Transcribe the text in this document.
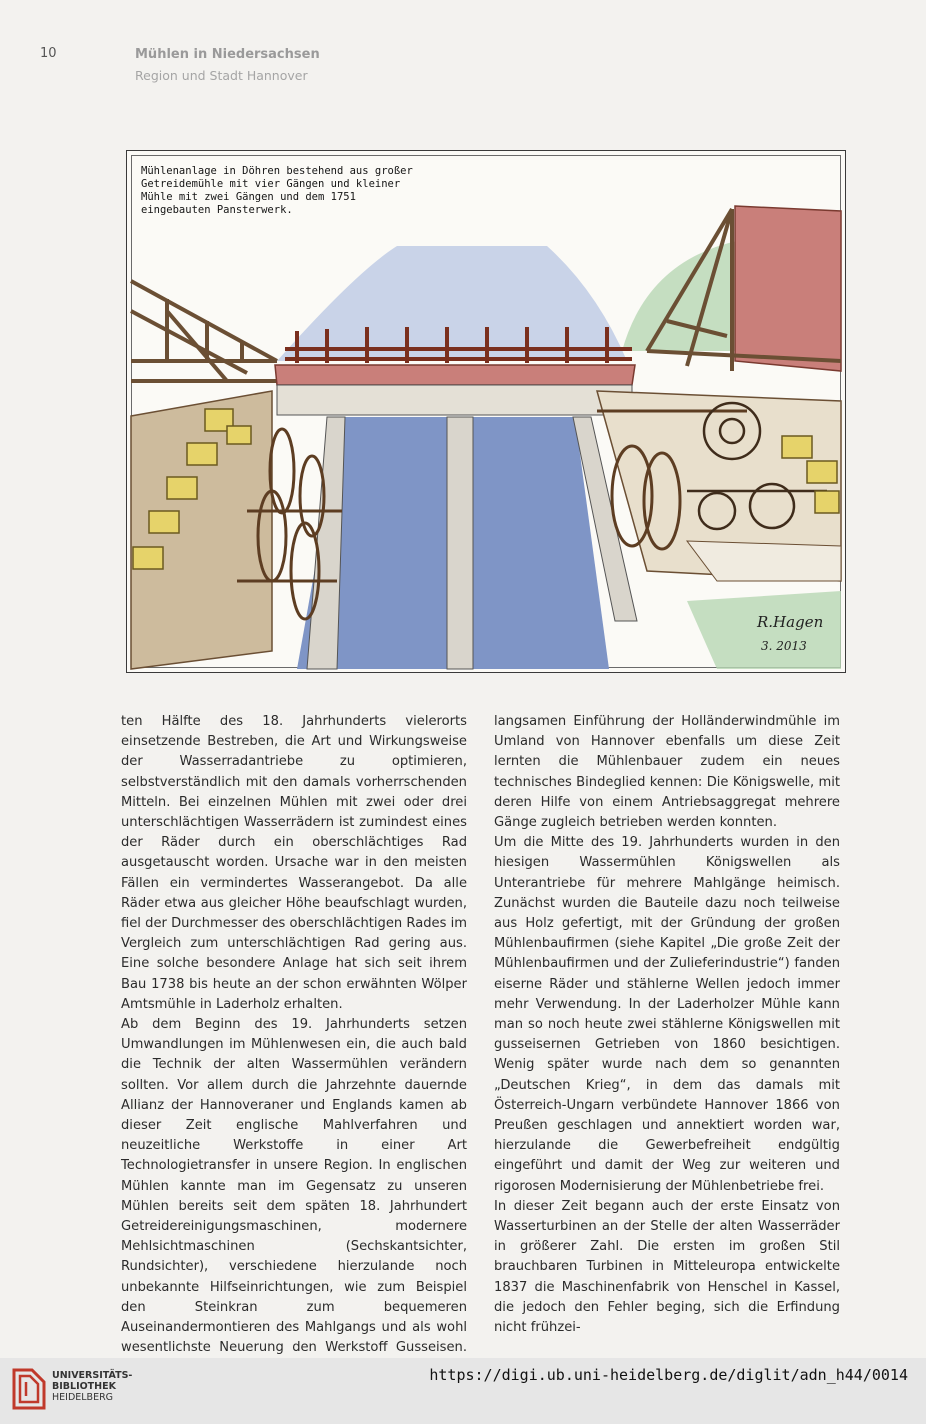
10	Mühlen in Niedersachsen
Region und Stadt Hannover
Mühlenanlage in Döhren bestehend aus großer
Getreidemühle mit vier Gängen und kleiner
Mühle mit zwei Gängen und dem 1751
eingebauten Pansterwerk.
R.Hagen
3. 2013

ten Hälfte des 18. Jahrhunderts vielerorts einsetzende Bestreben, die Art und Wirkungsweise der Wasserradantriebe zu optimieren, selbstverständlich mit den damals vorherrschenden Mitteln. Bei einzelnen Mühlen mit zwei oder drei unterschlächtigen Wasserrädern ist zumindest eines der Räder durch ein oberschlächtiges Rad ausgetauscht worden. Ursache war in den meisten Fällen ein vermindertes Wasserangebot. Da alle Räder etwa aus gleicher Höhe beaufschlagt wurden, fiel der Durchmesser des oberschlächtigen Rades im Vergleich zum unterschlächtigen Rad gering aus. Eine solche besondere Anlage hat sich seit ihrem Bau 1738 bis heute an der schon erwähnten Wölper Amtsmühle in Laderholz erhalten.

Ab dem Beginn des 19. Jahrhunderts setzen Umwandlungen im Mühlenwesen ein, die auch bald die Technik der alten Wassermühlen verändern sollten. Vor allem durch die Jahrzehnte dauernde Allianz der Hannoveraner und Englands kamen ab dieser Zeit englische Mahlverfahren und neuzeitliche Werkstoffe in einer Art Technologietransfer in unsere Region. In englischen Mühlen kannte man im Gegensatz zu unseren Mühlen bereits seit dem späten 18. Jahrhundert Getreidereinigungsmaschinen, modernere Mehlsichtmaschinen (Sechskantsichter, Rundsichter), verschiedene hierzulande noch unbekannte Hilfseinrichtungen, wie zum Beispiel den Steinkran zum bequemeren Auseinandermontieren des Mahlgangs und als wohl wesentlichste Neuerung den Werkstoff Gusseisen.

langsamen Einführung der Holländerwindmühle im Umland von Hannover ebenfalls um diese Zeit lernten die Mühlenbauer zudem ein neues technisches Bindeglied kennen: Die Königswelle, mit deren Hilfe von einem Antriebsaggregat mehrere Gänge zugleich betrieben werden konnten.

Um die Mitte des 19. Jahrhunderts wurden in den hiesigen Wassermühlen Königswellen als Unterantriebe für mehrere Mahlgänge heimisch. Zunächst wurden die Bauteile dazu noch teilweise aus Holz gefertigt, mit der Gründung der großen Mühlenbaufirmen (siehe Kapitel „Die große Zeit der Mühlenbaufirmen und der Zulieferindustrie“) fanden eiserne Räder und stählerne Wellen jedoch immer mehr Verwendung. In der Laderholzer Mühle kann man so noch heute zwei stählerne Königswellen mit gusseisernen Getrieben von 1860 besichtigen. Wenig später wurde nach dem so genannten „Deutschen Krieg“, in dem das damals mit Österreich-Ungarn verbündete Hannover 1866 von Preußen geschlagen und annektiert worden war, hierzulande die Gewerbefreiheit endgültig eingeführt und damit der Weg zur weiteren und rigorosen Modernisierung der Mühlenbetriebe frei.

In dieser Zeit begann auch der erste Einsatz von Wasserturbinen an der Stelle der alten Wasserräder in größerer Zahl. Die ersten im großen Stil brauchbaren Turbinen in Mitteleuropa entwickelte 1837 die Maschinenfabrik von Henschel in Kassel, die jedoch den Fehler beging, sich die Erfindung nicht frühzei-

UNIVERSITÄTS-
BIBLIOTHEK
HEIDELBERG
https://digi.ub.uni-heidelberg.de/diglit/adn_h44/0014
